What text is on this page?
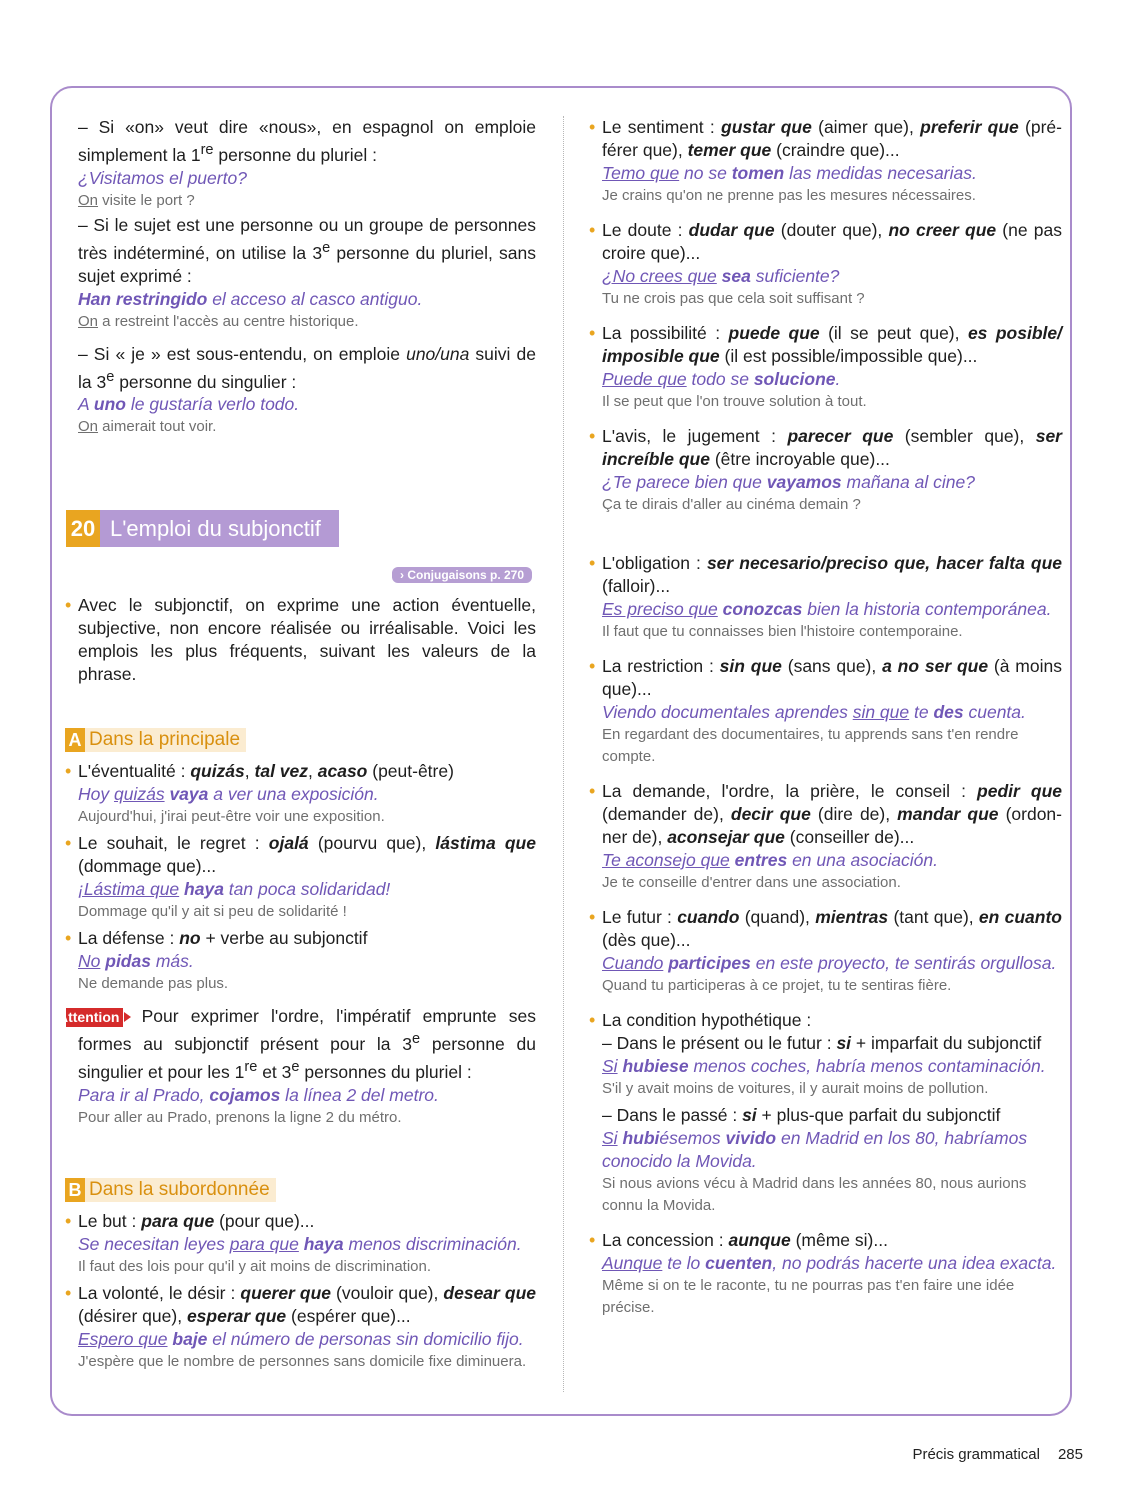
– Si «on» veut dire «nous», en espagnol on emploie simplement la 1re personne du pluriel :

¿Visitamos el puerto?

On visite le port ?

– Si le sujet est une personne ou un groupe de personnes très indéterminé, on utilise la 3e personne du pluriel, sans sujet exprimé :

Han restringido el acceso al casco antiguo.

On a restreint l'accès au centre historique.

– Si « je » est sous-entendu, on emploie uno/una suivi de la 3e personne du singulier :

A uno le gustaría verlo todo.

On aimerait tout voir.

20 L'emploi du subjonctif
› Conjugaisons p. 270

• Avec le subjonctif, on exprime une action éventuelle, subjective, non encore réalisée ou irréalisable. Voici les emplois les plus fréquents, suivant les valeurs de la phrase.

A Dans la principale

• L'éventualité : quizás, tal vez, acaso (peut-être)

Hoy quizás vaya a ver una exposición.

Aujourd'hui, j'irai peut-être voir une exposition.

• Le souhait, le regret : ojalá (pourvu que), lástima que (dommage que)...

¡Lástima que haya tan poca solidaridad!

Dommage qu'il y ait si peu de solidarité !

• La défense : no + verbe au subjonctif

No pidas más.

Ne demande pas plus.

Attention Pour exprimer l'ordre, l'impératif emprunte ses formes au subjonctif présent pour la 3e personne du singulier et pour les 1re et 3e personnes du pluriel :

Para ir al Prado, cojamos la línea 2 del metro.

Pour aller au Prado, prenons la ligne 2 du métro.

B Dans la subordonnée

• Le but : para que (pour que)...

Se necesitan leyes para que haya menos discriminación.

Il faut des lois pour qu'il y ait moins de discrimination.

• La volonté, le désir : querer que (vouloir que), desear que (désirer que), esperar que (espérer que)...

Espero que baje el número de personas sin domicilio fijo.

J'espère que le nombre de personnes sans domicile fixe diminuera.

• Le sentiment : gustar que (aimer que), preferir que (préférer que), temer que (craindre que)...

Temo que no se tomen las medidas necesarias.

Je crains qu'on ne prenne pas les mesures nécessaires.

• Le doute : dudar que (douter que), no creer que (ne pas croire que)...

¿No crees que sea suficiente?

Tu ne crois pas que cela soit suffisant ?

• La possibilité : puede que (il se peut que), es posible/ imposible que (il est possible/impossible que)...

Puede que todo se solucione.

Il se peut que l'on trouve solution à tout.

• L'avis, le jugement : parecer que (sembler que), ser increíble que (être incroyable que)...

¿Te parece bien que vayamos mañana al cine?

Ça te dirais d'aller au cinéma demain ?

• L'obligation : ser necesario/preciso que, hacer falta que (falloir)...

Es preciso que conozcas bien la historia contemporánea.

Il faut que tu connaisses bien l'histoire contemporaine.

• La restriction : sin que (sans que), a no ser que (à moins que)...

Viendo documentales aprendes sin que te des cuenta.

En regardant des documentaires, tu apprends sans t'en rendre compte.

• La demande, l'ordre, la prière, le conseil : pedir que (demander de), decir que (dire de), mandar que (ordonner de), aconsejar que (conseiller de)...

Te aconsejo que entres en una asociación.

Je te conseille d'entrer dans une association.

• Le futur : cuando (quand), mientras (tant que), en cuanto (dès que)...

Cuando participes en este proyecto, te sentirás orgullosa.

Quand tu participeras à ce projet, tu te sentiras fière.

• La condition hypothétique :

– Dans le présent ou le futur : si + imparfait du subjonctif

Si hubiese menos coches, habría menos contaminación.

S'il y avait moins de voitures, il y aurait moins de pollution.

– Dans le passé : si + plus-que parfait du subjonctif

Si hubiésemos vivido en Madrid en los 80, habríamos conocido la Movida.

Si nous avions vécu à Madrid dans les années 80, nous aurions connu la Movida.

• La concession : aunque (même si)...

Aunque te lo cuenten, no podrás hacerte una idea exacta.

Même si on te le raconte, tu ne pourras pas t'en faire une idée précise.

Précis grammatical 285
